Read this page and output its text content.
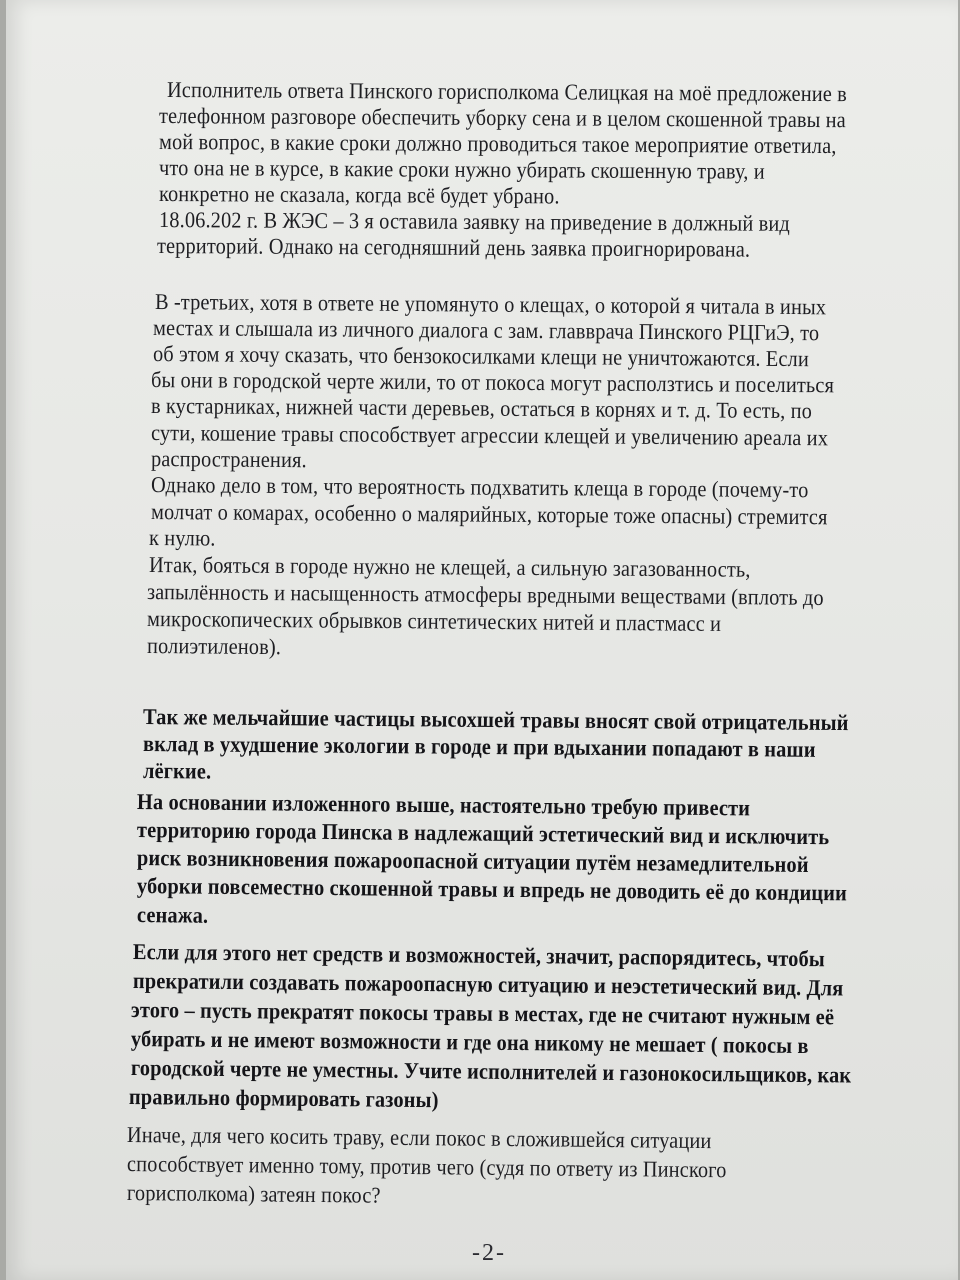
Исполнитель ответа Пинского горисполкома Селицкая на моё предложение в
телефонном разговоре обеспечить уборку сена и в целом скошенной травы на
мой вопрос, в какие сроки должно проводиться такое мероприятие ответила,
что она не в курсе, в какие сроки нужно убирать скошенную траву, и
конкретно не сказала, когда всё будет убрано.
18.06.202 г. В ЖЭС – 3 я оставила заявку на приведение в должный вид
территорий. Однако на сегодняшний день заявка проигнорирована.
В -третьих, хотя в ответе не упомянуто о клещах, о которой я читала в иных
местах и слышала из личного диалога с зам. главврача Пинского РЦГиЭ, то
об этом я хочу сказать, что бензокосилками клещи не уничтожаются. Если
бы они в городской черте жили, то от покоса могут расползтись и поселиться
в кустарниках, нижней части деревьев, остаться в корнях и т. д. То есть, по
сути, кошение травы способствует агрессии клещей и увеличению ареала их
распространения.
Однако дело в том, что вероятность подхватить клеща в городе (почему-то
молчат о комарах, особенно о малярийных, которые тоже опасны) стремится
к нулю.
Итак, бояться в городе нужно не клещей, а сильную загазованность,
запылённость и насыщенность атмосферы вредными веществами (вплоть до
микроскопических обрывков синтетических нитей и пластмасс и
полиэтиленов).
Так же мельчайшие частицы высохшей травы вносят свой отрицательный
вклад в ухудшение экологии в городе и при вдыхании попадают в наши
лёгкие.
На основании изложенного выше, настоятельно требую привести
территорию города Пинска в надлежащий эстетический вид и исключить
риск возникновения пожароопасной ситуации путём незамедлительной
уборки повсеместно скошенной травы и впредь не доводить её до кондиции
сенажа.
Если для этого нет средств и возможностей, значит, распорядитесь, чтобы
прекратили создавать пожароопасную ситуацию и неэстетический вид. Для
этого – пусть прекратят покосы травы в местах, где не считают нужным её
убирать и не имеют возможности и где она никому не мешает ( покосы в
городской черте не уместны. Учите исполнителей и газонокосильщиков, как
правильно формировать газоны)
Иначе, для чего косить траву, если покос в сложившейся ситуации
способствует именно тому, против чего (судя по ответу из Пинского
горисполкома) затеян покос?
-2-
